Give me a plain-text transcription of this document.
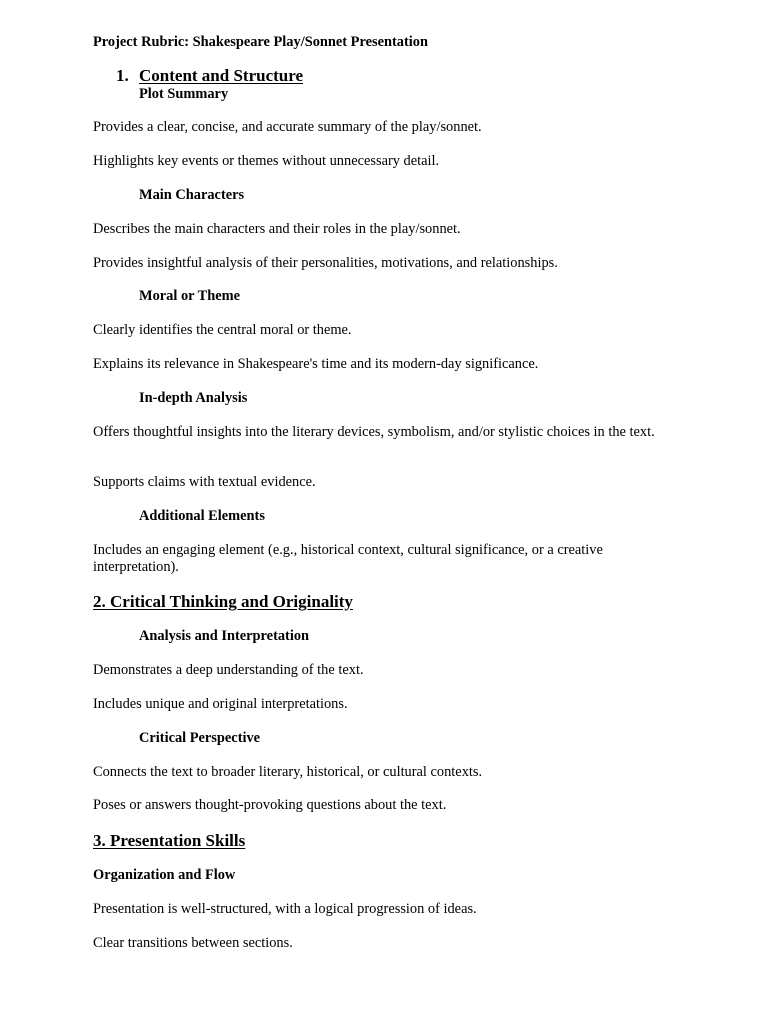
Project Rubric: Shakespeare Play/Sonnet Presentation
1. Content and Structure
Plot Summary
Provides a clear, concise, and accurate summary of the play/sonnet.
Highlights key events or themes without unnecessary detail.
Main Characters
Describes the main characters and their roles in the play/sonnet.
Provides insightful analysis of their personalities, motivations, and relationships.
Moral or Theme
Clearly identifies the central moral or theme.
Explains its relevance in Shakespeare's time and its modern-day significance.
In-depth Analysis
Offers thoughtful insights into the literary devices, symbolism, and/or stylistic choices in the text.
Supports claims with textual evidence.
Additional Elements
Includes an engaging element (e.g., historical context, cultural significance, or a creative interpretation).
2. Critical Thinking and Originality
Analysis and Interpretation
Demonstrates a deep understanding of the text.
Includes unique and original interpretations.
Critical Perspective
Connects the text to broader literary, historical, or cultural contexts.
Poses or answers thought-provoking questions about the text.
3. Presentation Skills
Organization and Flow
Presentation is well-structured, with a logical progression of ideas.
Clear transitions between sections.
